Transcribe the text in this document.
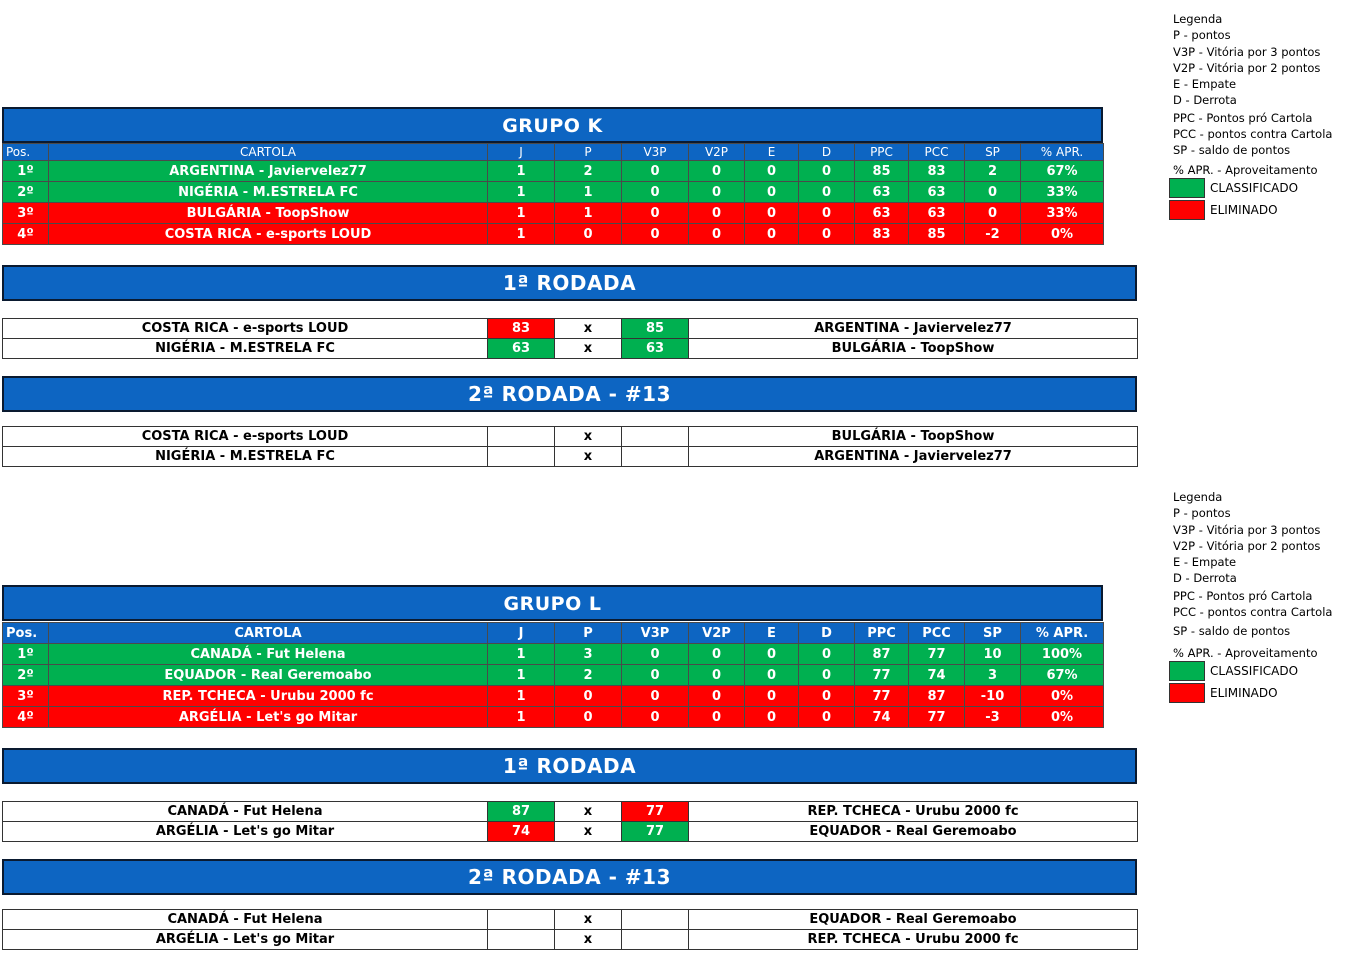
Legenda
P - pontos
V3P - Vitória por 3 pontos
V2P - Vitória por 2 pontos
E - Empate
D - Derrota
PPC - Pontos pró Cartola
PCC - pontos contra Cartola
SP - saldo de pontos
% APR. - Aproveitamento
CLASSIFICADO
ELIMINADO
GRUPO K
Pos.	CARTOLA	J	P	V3P	V2P	E	D	PPC	PCC	SP	% APR.
1º	ARGENTINA - Javiervelez77	1	2	0	0	0	0	85	83	2	67%
2º	NIGÉRIA - M.ESTRELA FC	1	1	0	0	0	0	63	63	0	33%
3º	BULGÁRIA - ToopShow	1	1	0	0	0	0	63	63	0	33%
4º	COSTA RICA - e-sports LOUD	1	0	0	0	0	0	83	85	-2	0%
1ª RODADA
COSTA RICA - e-sports LOUD	83	x	85	ARGENTINA - Javiervelez77
NIGÉRIA - M.ESTRELA FC	63	x	63	BULGÁRIA - ToopShow
2ª RODADA - #13
COSTA RICA - e-sports LOUD		x		BULGÁRIA - ToopShow
NIGÉRIA - M.ESTRELA FC		x		ARGENTINA - Javiervelez77
Legenda
P - pontos
V3P - Vitória por 3 pontos
V2P - Vitória por 2 pontos
E - Empate
D - Derrota
PPC - Pontos pró Cartola
PCC - pontos contra Cartola
SP - saldo de pontos
% APR. - Aproveitamento
CLASSIFICADO
ELIMINADO
GRUPO L
Pos.	CARTOLA	J	P	V3P	V2P	E	D	PPC	PCC	SP	% APR.
1º	CANADÁ - Fut Helena	1	3	0	0	0	0	87	77	10	100%
2º	EQUADOR - Real Geremoabo	1	2	0	0	0	0	77	74	3	67%
3º	REP. TCHECA - Urubu 2000 fc	1	0	0	0	0	0	77	87	-10	0%
4º	ARGÉLIA - Let's go Mitar	1	0	0	0	0	0	74	77	-3	0%
1ª RODADA
CANADÁ - Fut Helena	87	x	77	REP. TCHECA - Urubu 2000 fc
ARGÉLIA - Let's go Mitar	74	x	77	EQUADOR - Real Geremoabo
2ª RODADA - #13
CANADÁ - Fut Helena		x		EQUADOR - Real Geremoabo
ARGÉLIA - Let's go Mitar		x		REP. TCHECA - Urubu 2000 fc
